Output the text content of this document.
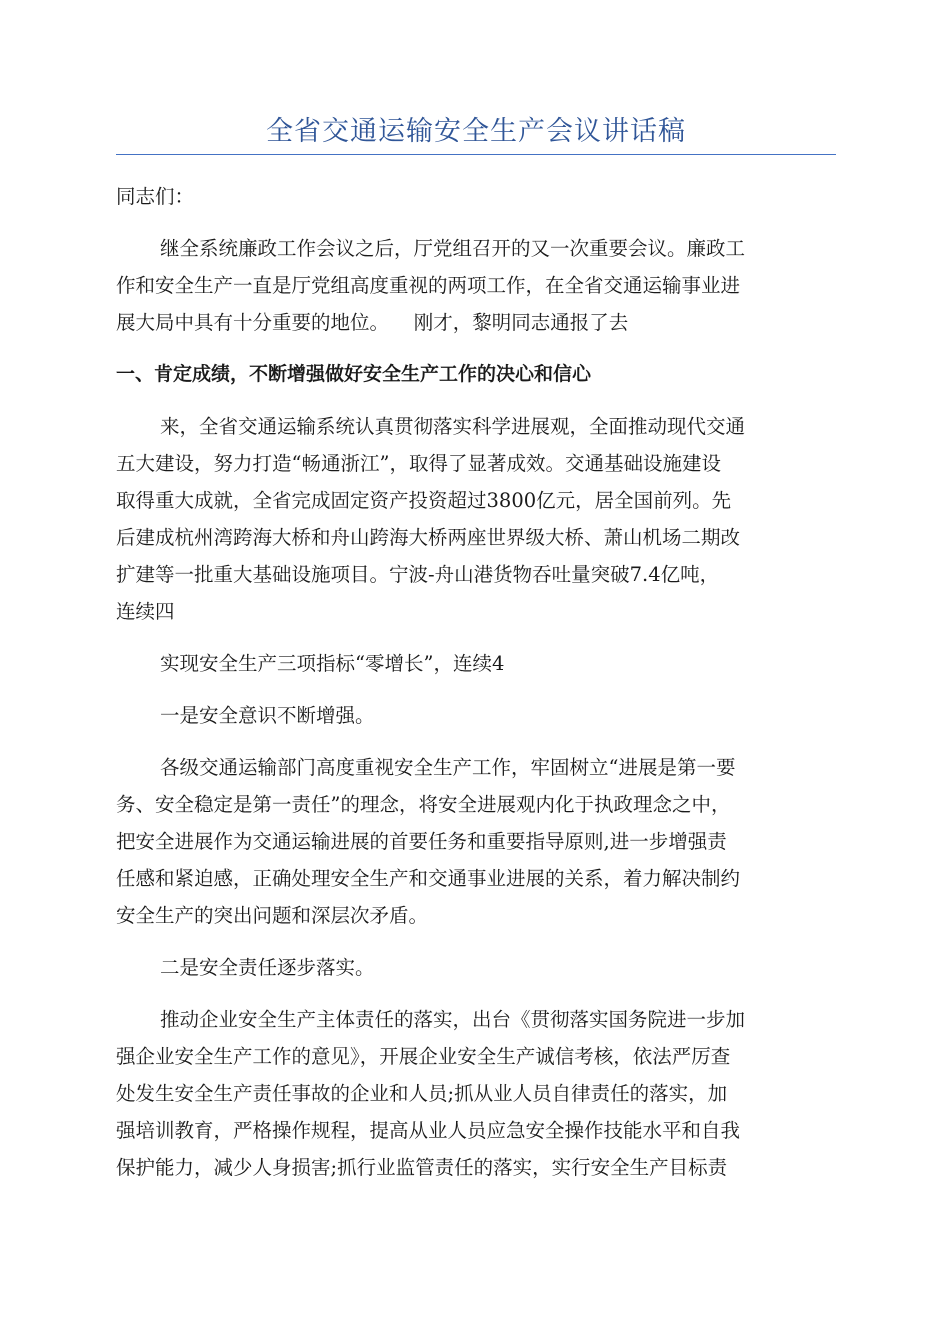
全省交通运输安全生产会议讲话稿

同志们：

继全系统廉政工作会议之后，厅党组召开的又一次重要会议。廉政工
作和安全生产一直是厅党组高度重视的两项工作，在全省交通运输事业进
展大局中具有十分重要的地位。    刚才，黎明同志通报了去

一、肯定成绩，不断增强做好安全生产工作的决心和信心

来，全省交通运输系统认真贯彻落实科学进展观，全面推动现代交通
五大建设，努力打造“畅通浙江”，取得了显著成效。交通基础设施建设
取得重大成就，全省完成固定资产投资超过3800亿元，居全国前列。先
后建成杭州湾跨海大桥和舟山跨海大桥两座世界级大桥、萧山机场二期改
扩建等一批重大基础设施项目。宁波-舟山港货物吞吐量突破7.4亿吨，
连续四

实现安全生产三项指标“零增长”，连续4

一是安全意识不断增强。

各级交通运输部门高度重视安全生产工作，牢固树立“进展是第一要
务、安全稳定是第一责任”的理念，将安全进展观内化于执政理念之中，
把安全进展作为交通运输进展的首要任务和重要指导原则,进一步增强责
任感和紧迫感，正确处理安全生产和交通事业进展的关系，着力解决制约
安全生产的突出问题和深层次矛盾。

二是安全责任逐步落实。

推动企业安全生产主体责任的落实，出台《贯彻落实国务院进一步加
强企业安全生产工作的意见》，开展企业安全生产诚信考核，依法严厉查
处发生安全生产责任事故的企业和人员;抓从业人员自律责任的落实，加
强培训教育，严格操作规程，提高从业人员应急安全操作技能水平和自我
保护能力，减少人身损害;抓行业监管责任的落实，实行安全生产目标责
